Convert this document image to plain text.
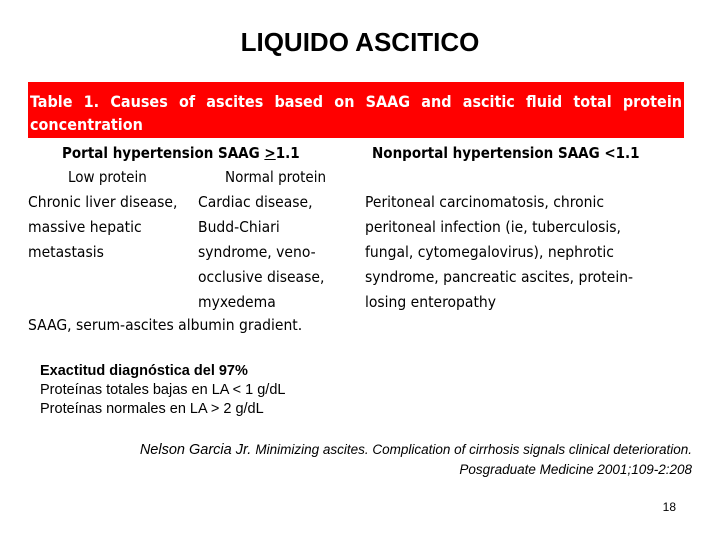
LIQUIDO ASCITICO
Table 1. Causes of ascites based on SAAG and ascitic fluid total protein concentration
Portal hypertension SAAG >1.1	Nonportal hypertension SAAG <1.1
Low protein	Normal protein
Chronic liver disease,
massive hepatic
metastasis
Cardiac disease,
Budd-Chiari
syndrome, veno-
occlusive disease,
myxedema
Peritoneal carcinomatosis, chronic
peritoneal infection (ie, tuberculosis,
fungal, cytomegalovirus), nephrotic
syndrome, pancreatic ascites, protein-
losing enteropathy
SAAG, serum-ascites albumin gradient.
Exactitud diagnóstica del 97%
Proteínas totales bajas en LA < 1 g/dL
Proteínas normales en LA > 2 g/dL
Nelson Garcia Jr. Minimizing ascites. Complication of cirrhosis signals clinical deterioration.
Posgraduate Medicine 2001;109-2:208
18
